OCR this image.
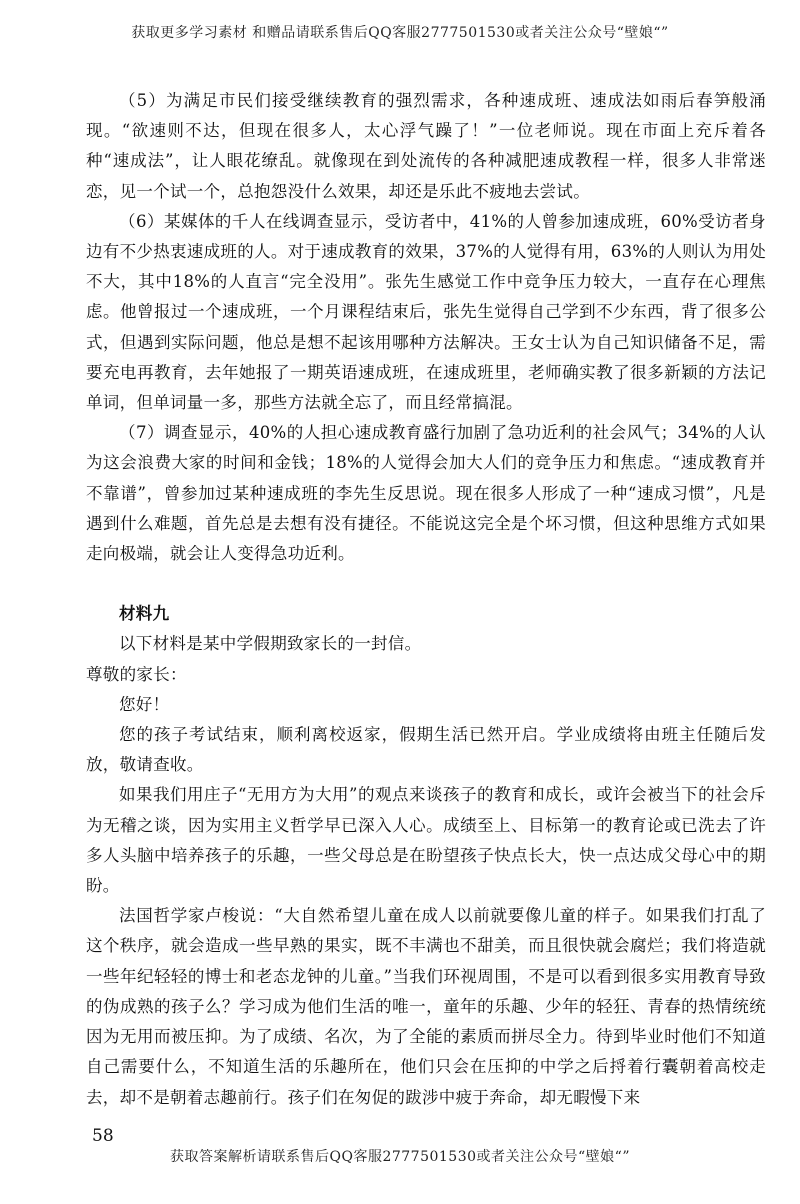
获取更多学习素材 和赠品请联系售后QQ客服2777501530或者关注公众号“壁娘“”

（5）为满足市民们接受继续教育的强烈需求，各种速成班、速成法如雨后春笋般涌现。“欲速则不达，但现在很多人，太心浮气躁了！”一位老师说。现在市面上充斥着各种“速成法”，让人眼花缭乱。就像现在到处流传的各种减肥速成教程一样，很多人非常迷恋，见一个试一个，总抱怨没什么效果，却还是乐此不疲地去尝试。

（6）某媒体的千人在线调查显示，受访者中，41%的人曾参加速成班，60%受访者身边有不少热衷速成班的人。对于速成教育的效果，37%的人觉得有用，63%的人则认为用处不大，其中18%的人直言“完全没用”。张先生感觉工作中竞争压力较大，一直存在心理焦虑。他曾报过一个速成班，一个月课程结束后，张先生觉得自己学到不少东西，背了很多公式，但遇到实际问题，他总是想不起该用哪种方法解决。王女士认为自己知识储备不足，需要充电再教育，去年她报了一期英语速成班，在速成班里，老师确实教了很多新颖的方法记单词，但单词量一多，那些方法就全忘了，而且经常搞混。

（7）调查显示，40%的人担心速成教育盛行加剧了急功近利的社会风气；34%的人认为这会浪费大家的时间和金钱；18%的人觉得会加大人们的竞争压力和焦虑。“速成教育并不靠谱”，曾参加过某种速成班的李先生反思说。现在很多人形成了一种“速成习惯”，凡是遇到什么难题，首先总是去想有没有捷径。不能说这完全是个坏习惯，但这种思维方式如果走向极端，就会让人变得急功近利。

材料九

以下材料是某中学假期致家长的一封信。

尊敬的家长：

您好！

您的孩子考试结束，顺利离校返家，假期生活已然开启。学业成绩将由班主任随后发放，敬请查收。

如果我们用庄子“无用方为大用”的观点来谈孩子的教育和成长，或许会被当下的社会斥为无稽之谈，因为实用主义哲学早已深入人心。成绩至上、目标第一的教育论或已洗去了许多人头脑中培养孩子的乐趣，一些父母总是在盼望孩子快点长大，快一点达成父母心中的期盼。

法国哲学家卢梭说：“大自然希望儿童在成人以前就要像儿童的样子。如果我们打乱了这个秩序，就会造成一些早熟的果实，既不丰满也不甜美，而且很快就会腐烂；我们将造就一些年纪轻轻的博士和老态龙钟的儿童。”当我们环视周围，不是可以看到很多实用教育导致的伪成熟的孩子么？学习成为他们生活的唯一，童年的乐趣、少年的轻狂、青春的热情统统因为无用而被压抑。为了成绩、名次，为了全能的素质而拼尽全力。待到毕业时他们不知道自己需要什么，不知道生活的乐趣所在，他们只会在压抑的中学之后捋着行囊朝着高校走去，却不是朝着志趣前行。孩子们在匆促的跋涉中疲于奔命，却无暇慢下来

58
获取答案解析请联系售后QQ客服2777501530或者关注公众号“壁娘“”
